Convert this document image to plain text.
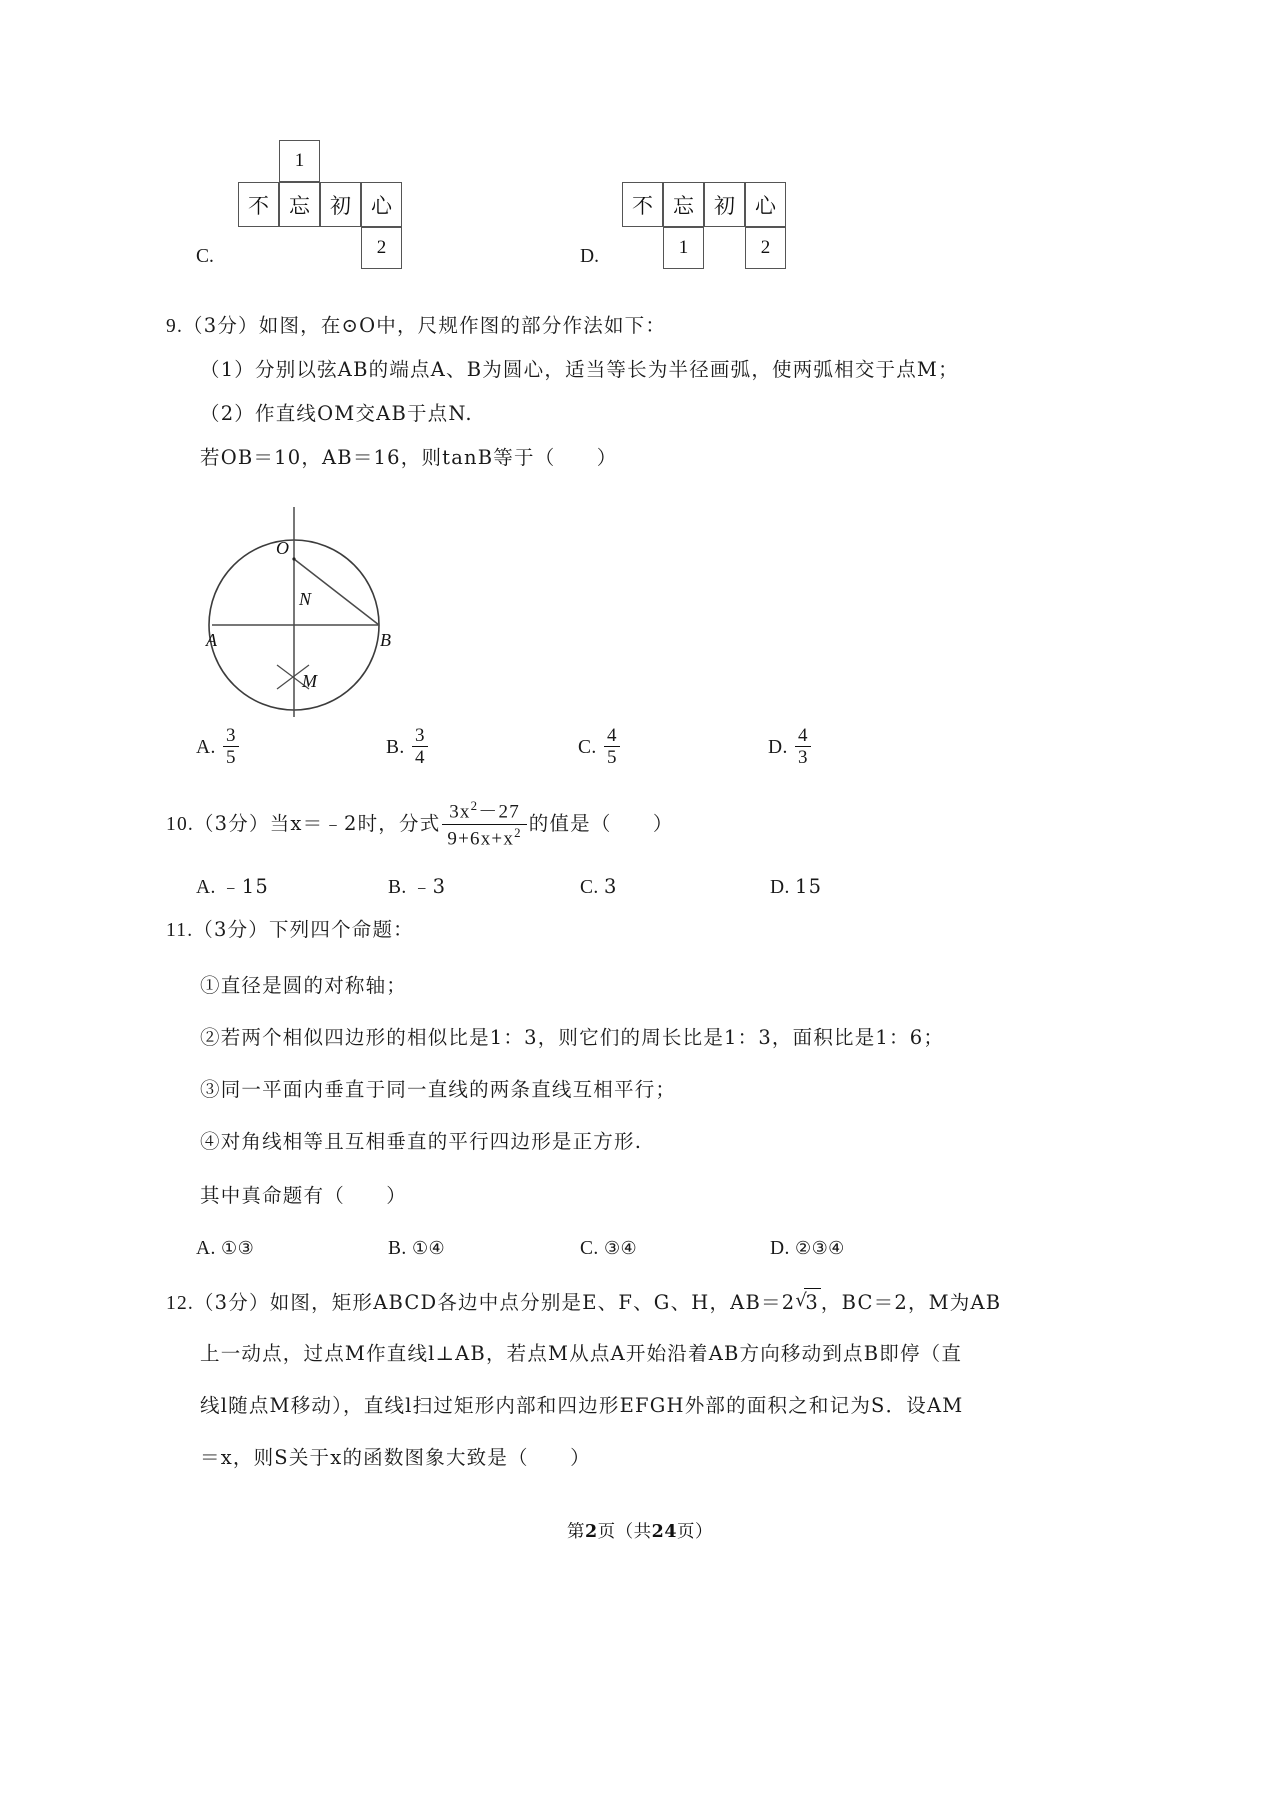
1
不 忘 初 心
2
C.
不 忘 初 心
1	2
D.
9.（3分）如图，在⊙O中，尺规作图的部分作法如下：
（1）分别以弦AB的端点A、B为圆心，适当等长为半径画弧，使两弧相交于点M；
（2）作直线OM交AB于点N.
若OB＝10，AB＝16，则tanB等于（　　）
O
N
A	B
M
A. $\frac{3}{5}$	B. $\frac{3}{4}$	C. $\frac{4}{5}$	D. $\frac{4}{3}$
10.（3分）当x＝﹣2时，分式 $\frac{3x^2-27}{9+6x+x^2}$ 的值是（　　）
A. ﹣15	B. ﹣3	C. 3	D. 15
11.（3分）下列四个命题：
①直径是圆的对称轴；
②若两个相似四边形的相似比是1：3，则它们的周长比是1：3，面积比是1：6；
③同一平面内垂直于同一直线的两条直线互相平行；
④对角线相等且互相垂直的平行四边形是正方形.
其中真命题有（　　）
A. ①③	B. ①④	C. ③④	D. ②③④
12.（3分）如图，矩形ABCD各边中点分别是E、F、G、H，AB＝2 √ 3 ，BC＝2，M为AB
上一动点，过点M作直线l⊥AB，若点M从点A开始沿着AB方向移动到点B即停（直
线l随点M移动），直线l扫过矩形内部和四边形EFGH外部的面积之和记为S．设AM
＝x，则S关于x的函数图象大致是（　　）
第2页（共24页）
